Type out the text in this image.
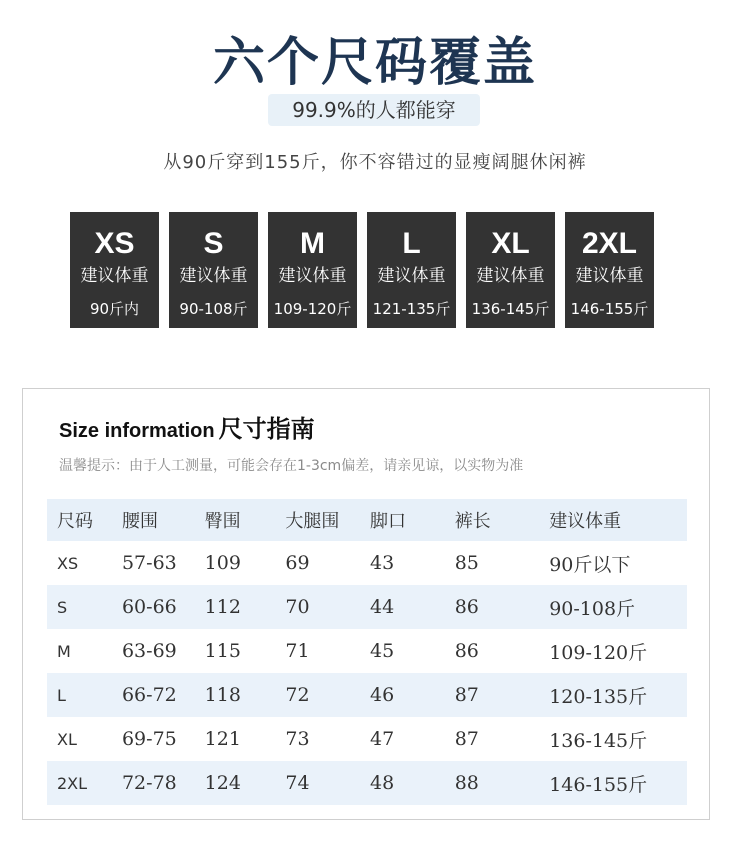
六个尺码覆盖
99.9%的人都能穿
从90斤穿到155斤，你不容错过的显瘦阔腿休闲裤
XS
建议体重
90斤内
S
建议体重
90-108斤
M
建议体重
109-120斤
L
建议体重
121-135斤
XL
建议体重
136-145斤
2XL
建议体重
146-155斤
Size information 尺寸指南
温馨提示：由于人工测量，可能会存在1-3cm偏差，请亲见谅，以实物为准
尺码	腰围	臀围	大腿围	脚口	裤长	建议体重
XS	57-63	109	69	43	85	90斤以下
S	60-66	112	70	44	86	90-108斤
M	63-69	115	71	45	86	109-120斤
L	66-72	118	72	46	87	120-135斤
XL	69-75	121	73	47	87	136-145斤
2XL	72-78	124	74	48	88	146-155斤
